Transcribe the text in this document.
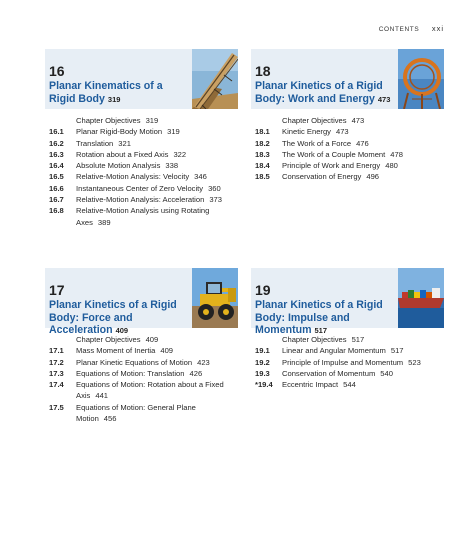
CONTENTS xxi
16
Planar Kinematics of a Rigid Body 319
Chapter Objectives 319
16.1	Planar Rigid-Body Motion 319
16.2	Translation 321
16.3	Rotation about a Fixed Axis 322
16.4	Absolute Motion Analysis 338
16.5	Relative-Motion Analysis: Velocity 346
16.6	Instantaneous Center of Zero Velocity 360
16.7	Relative-Motion Analysis: Acceleration 373
16.8	Relative-Motion Analysis using Rotating Axes 389
18
Planar Kinetics of a Rigid Body: Work and Energy 473
Chapter Objectives 473
18.1	Kinetic Energy 473
18.2	The Work of a Force 476
18.3	The Work of a Couple Moment 478
18.4	Principle of Work and Energy 480
18.5	Conservation of Energy 496
17
Planar Kinetics of a Rigid Body: Force and Acceleration 409
Chapter Objectives 409
17.1	Mass Moment of Inertia 409
17.2	Planar Kinetic Equations of Motion 423
17.3	Equations of Motion: Translation 426
17.4	Equations of Motion: Rotation about a Fixed Axis 441
17.5	Equations of Motion: General Plane Motion 456
19
Planar Kinetics of a Rigid Body: Impulse and Momentum 517
Chapter Objectives 517
19.1	Linear and Angular Momentum 517
19.2	Principle of Impulse and Momentum 523
19.3	Conservation of Momentum 540
*19.4	Eccentric Impact 544
